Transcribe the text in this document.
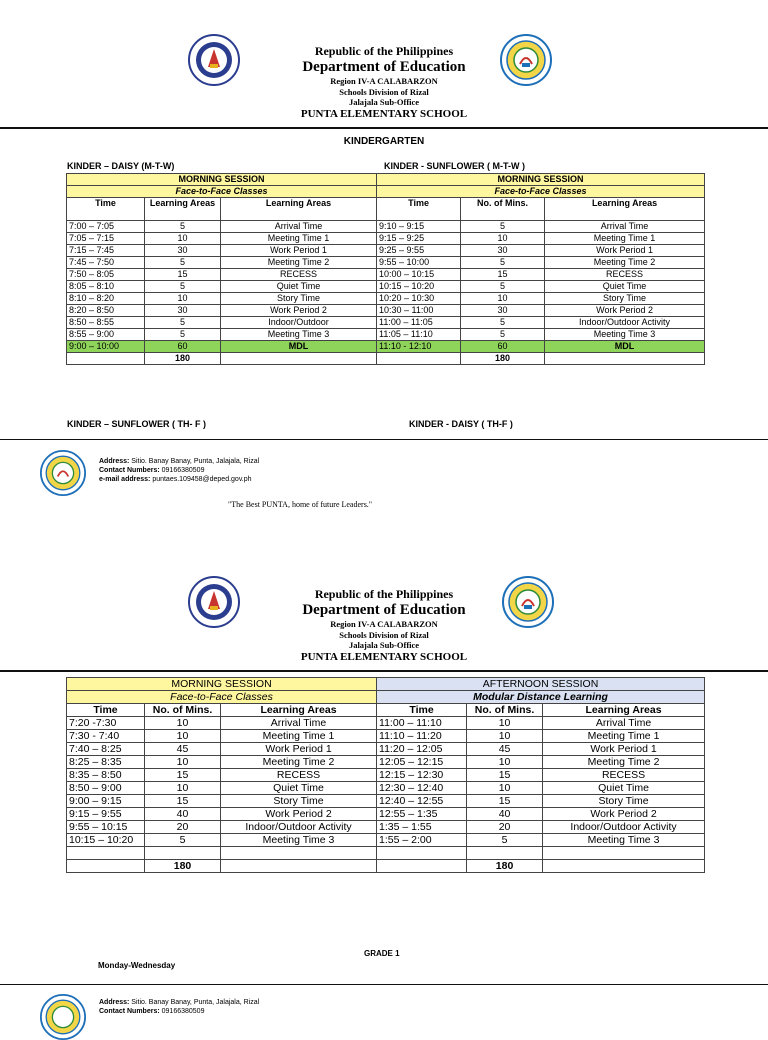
Republic of the Philippines
Department of Education
Region IV-A CALABARZON
Schools Division of Rizal
Jalajala Sub-Office
PUNTA ELEMENTARY SCHOOL
KINDERGARTEN
KINDER – DAISY (M-T-W)	KINDER - SUNFLOWER ( M-T-W )
MORNING SESSION			MORNING SESSION		
Face-to-Face Classes			Face-to-Face Classes		
Time	Learning Areas	Learning Areas	Time	No. of Mins.	Learning Areas
7:00 – 7:05	5	Arrival Time	9:10 – 9:15	5	Arrival Time
7:05 – 7:15	10	Meeting Time 1	9:15 – 9:25	10	Meeting Time 1
7:15 – 7:45	30	Work Period 1	9:25 – 9:55	30	Work Period 1
7:45 – 7:50	5	Meeting Time 2	9:55 – 10:00	5	Meeting Time 2
7:50 – 8:05	15	RECESS	10:00 – 10:15	15	RECESS
8:05 – 8:10	5	Quiet Time	10:15 – 10:20	5	Quiet Time
8:10 – 8:20	10	Story Time	10:20 – 10:30	10	Story Time
8:20 – 8:50	30	Work Period 2	10:30 – 11:00	30	Work Period 2
8:50 – 8:55	5	Indoor/Outdoor	11:00 – 11:05	5	Indoor/Outdoor Activity
8:55 – 9:00	5	Meeting Time 3	11:05 – 11:10	5	Meeting Time 3
9:00 – 10:00	60	MDL	11:10 - 12:10	60	MDL
	180			180	
KINDER – SUNFLOWER ( TH- F )	KINDER - DAISY ( TH-F )
Address: Sitio. Banay Banay, Punta, Jalajala, Rizal
Contact Numbers: 09166380509
e-mail address: puntaes.109458@deped.gov.ph
"The Best PUNTA, home of future Leaders."
Republic of the Philippines
Department of Education
Region IV-A CALABARZON
Schools Division of Rizal
Jalajala Sub-Office
PUNTA ELEMENTARY SCHOOL
MORNING SESSION			AFTERNOON SESSION		
Face-to-Face Classes			Modular Distance Learning		
Time	No. of Mins.	Learning Areas	Time	No. of Mins.	Learning Areas
7:20 -7:30	10	Arrival Time	11:00 – 11:10	10	Arrival Time
7:30 - 7:40	10	Meeting Time 1	11:10 – 11:20	10	Meeting Time 1
7:40 – 8:25	45	Work Period 1	11:20 – 12:05	45	Work Period 1
8:25 – 8:35	10	Meeting Time 2	12:05 – 12:15	10	Meeting Time 2
8:35 – 8:50	15	RECESS	12:15 – 12:30	15	RECESS
8:50 – 9:00	10	Quiet Time	12:30 – 12:40	10	Quiet Time
9:00 – 9:15	15	Story Time	12:40 – 12:55	15	Story Time
9:15 – 9:55	40	Work Period 2	12:55 – 1:35	40	Work Period 2
9:55 – 10:15	20	Indoor/Outdoor Activity	1:35 – 1:55	20	Indoor/Outdoor Activity
10:15 – 10:20	5	Meeting Time 3	1:55 – 2:00	5	Meeting Time 3

	180			180	
GRADE 1
Monday-Wednesday
Address: Sitio. Banay Banay, Punta, Jalajala, Rizal
Contact Numbers: 09166380509
